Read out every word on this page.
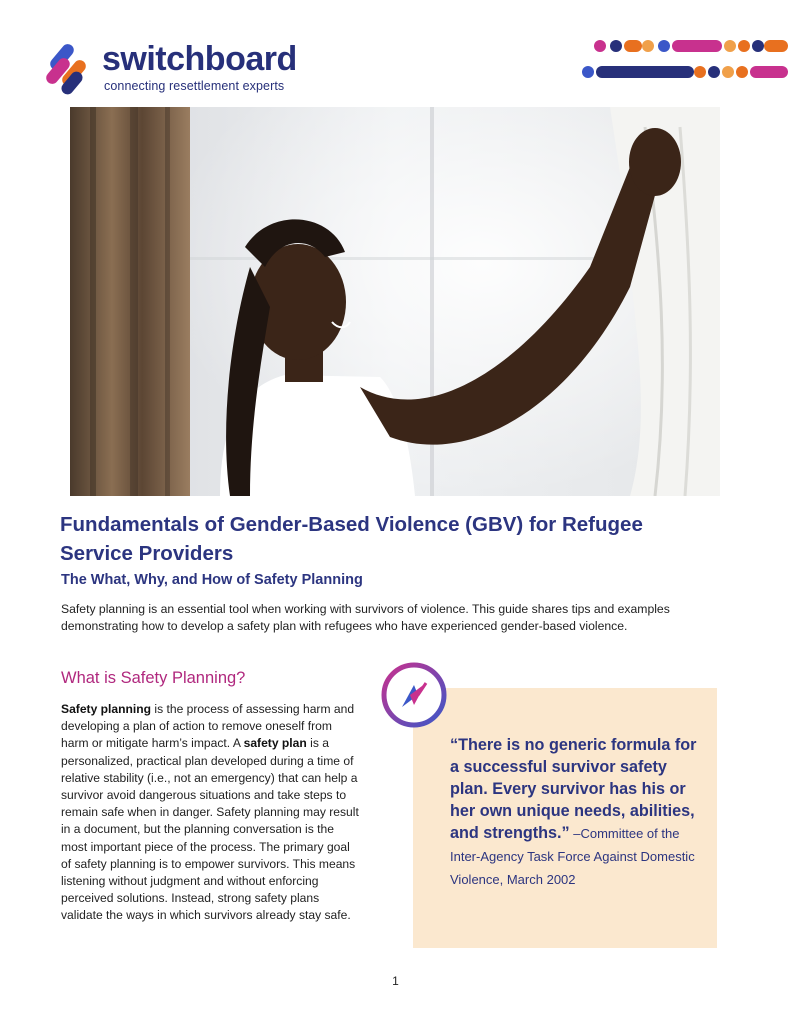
switchboard
connecting resettlement experts
Fundamentals of Gender-Based Violence (GBV) for Refugee Service Providers
The What, Why, and How of Safety Planning

Safety planning is an essential tool when working with survivors of violence. This guide shares tips and examples demonstrating how to develop a safety plan with refugees who have experienced gender-based violence.

What is Safety Planning?

Safety planning is the process of assessing harm and developing a plan of action to remove oneself from harm or mitigate harm’s impact. A safety plan is a personalized, practical plan developed during a time of relative stability (i.e., not an emergency) that can help a survivor avoid dangerous situations and take steps to remain safe when in danger. Safety planning may result in a document, but the planning conversation is the most important piece of the process. The primary goal of safety planning is to empower survivors. This means listening without judgment and without enforcing perceived solutions. Instead, strong safety plans validate the ways in which survivors already stay safe.

“There is no generic formula for a successful survivor safety plan. Every survivor has his or her own unique needs, abilities, and strengths.” –Committee of the Inter-Agency Task Force Against Domestic Violence, March 2002

1
